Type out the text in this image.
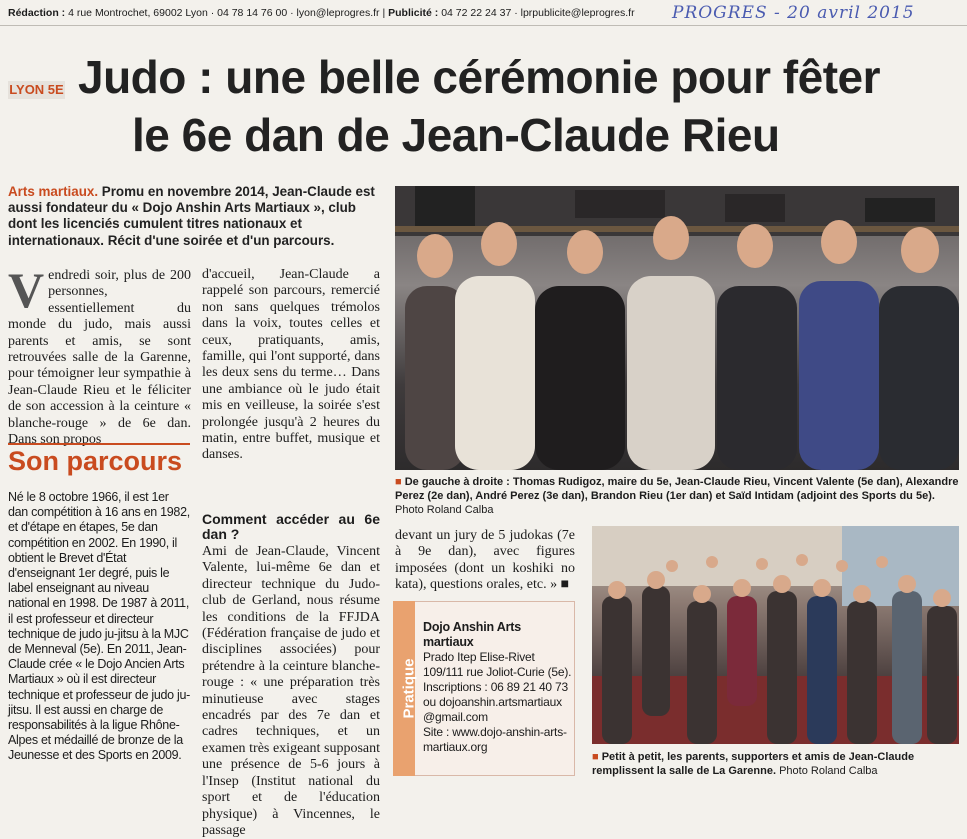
Rédaction : 4 rue Montrochet, 69002 Lyon · 04 78 14 76 00 · lyon@leprogres.fr | Publicité : 04 72 22 24 37 · lprpublicite@leprogres.fr	PROGRES - 20 avril 2015
LYON 5E Judo : une belle cérémonie pour fêter
le 6e dan de Jean-Claude Rieu
Arts martiaux. Promu en novembre 2014, Jean-Claude est aussi fondateur du « Dojo Anshin Arts Martiaux », club dont les licenciés cumulent titres nationaux et internationaux. Récit d'une soirée et d'un parcours.
Vendredi soir, plus de 200 personnes, essentiellement du monde du judo, mais aussi parents et amis, se sont retrouvées salle de la Garenne, pour témoigner leur sympathie à Jean-Claude Rieu et le féliciter de son accession à la ceinture « blanche-rouge » de 6e dan. Dans son propos
d'accueil, Jean-Claude a rappelé son parcours, remercié non sans quelques trémolos dans la voix, toutes celles et ceux, pratiquants, amis, famille, qui l'ont supporté, dans les deux sens du terme… Dans une ambiance où le judo était mis en veilleuse, la soirée s'est prolongée jusqu'à 2 heures du matin, entre buffet, musique et danses.
Comment accéder au 6e dan ?
Ami de Jean-Claude, Vincent Valente, lui-même 6e dan et directeur technique du Judo-club de Gerland, nous résume les conditions de la FFJDA (Fédération française de judo et disciplines associées) pour prétendre à la ceinture blanche-rouge : « une préparation très minutieuse avec stages encadrés par des 7e dan et cadres techniques, et un examen très exigeant supposant une présence de 5-6 jours à l'Insep (Institut national du sport et de l'éducation physique) à Vincennes, le passage
Son parcours
Né le 8 octobre 1966, il est 1er dan compétition à 16 ans en 1982, et d'étape en étapes, 5e dan compétition en 2002. En 1990, il obtient le Brevet d'État d'enseignant 1er degré, puis le label enseignant au niveau national en 1998. De 1987 à 2011, il est professeur et directeur technique de judo ju-jitsu à la MJC de Menneval (5e). En 2011, Jean-Claude crée « le Dojo Ancien Arts Martiaux » où il est directeur technique et professeur de judo ju-jitsu. Il est aussi en charge de responsabilités à la ligue Rhône-Alpes et médaillé de bronze de la Jeunesse et des Sports en 2009.
■ De gauche à droite : Thomas Rudigoz, maire du 5e, Jean-Claude Rieu, Vincent Valente (5e dan), Alexandre Perez (2e dan), André Perez (3e dan), Brandon Rieu (1er dan) et Saïd Intidam (adjoint des Sports du 5e). Photo Roland Calba
devant un jury de 5 judokas (7e à 9e dan), avec figures imposées (dont un koshiki no kata), questions orales, etc. » ■
Pratique
Dojo Anshin Arts martiaux
Prado Itep Elise-Rivet 109/111 rue Joliot-Curie (5e).
Inscriptions : 06 89 21 40 73 ou dojoanshin.artsmartiaux @gmail.com
Site : www.dojo-anshin-arts-martiaux.org
■ Petit à petit, les parents, supporters et amis de Jean-Claude remplissent la salle de La Garenne. Photo Roland Calba
